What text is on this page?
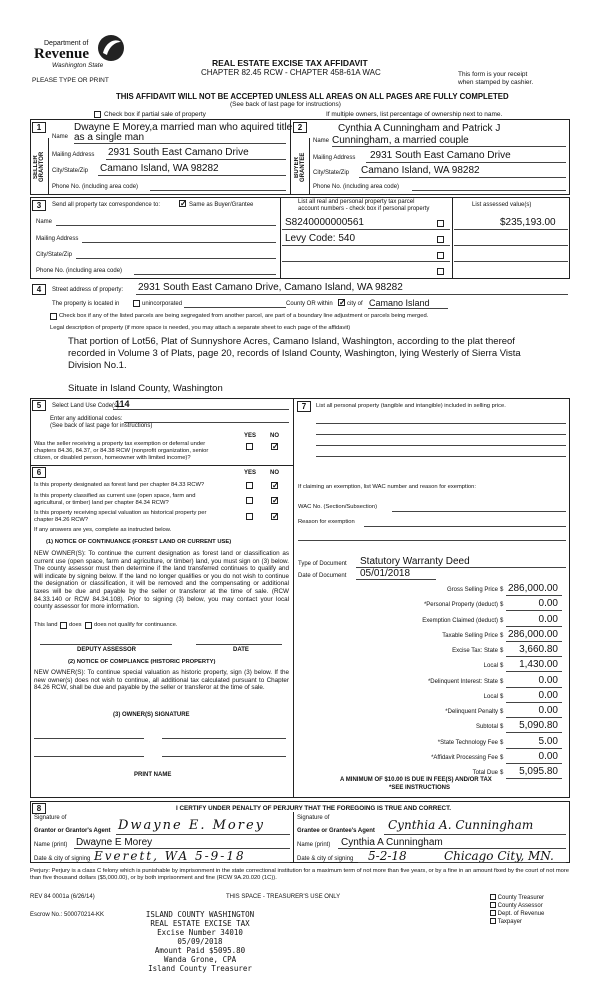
Department of
Revenue
Washington State
PLEASE TYPE OR PRINT
REAL ESTATE EXCISE TAX AFFIDAVIT
CHAPTER 82.45 RCW - CHAPTER 458-61A WAC	This form is your receipt
when stamped by cashier.
THIS AFFIDAVIT WILL NOT BE ACCEPTED UNLESS ALL AREAS ON ALL PAGES ARE FULLY COMPLETED
(See back of last page for instructions)
Check box if partial sale of property	If multiple owners, list percentage of ownership next to name.
1
SELLER GRANTOR
Name
Dwayne E Morey,a married man who aquired title
as a single man
Mailing Address 2931 South East Camano Drive
City/State/Zip Camano Island, WA 98282
Phone No. (including area code)
2
BUYER GRANTEE
Name
Cynthia A Cunningham and Patrick J
Cunningham, a married couple
Mailing Address 2931 South East Camano Drive
City/State/Zip Camano Island, WA 98282
Phone No. (including area code)
3	Send all property tax correspondence to: ✓ Same as Buyer/Grantee
Name
Mailing Address
City/State/Zip
Phone No. (including area code)
List all real and personal property tax parcel
account numbers - check box if personal property
List assessed value(s)
S8240000000561	$235,193.00
Levy Code: 540
4	Street address of property: 2931 South East Camano Drive, Camano Island, WA 98282
The property is located in	unincorporated	County OR within ✓ city of Camano Island
Check box if any of the listed parcels are being segregated from another parcel, are part of a boundary line adjustment or parcels being merged.
Legal description of property (if more space is needed, you may attach a separate sheet to each page of the affidavit)
That portion of Lot56, Plat of Sunnyshore Acres, Camano Island, Washington, according to the plat thereof
recorded in Volume 3 of Plats, page 20, records of Island County, Washington, lying Westerly of Sierra Vista
Division No.1.
Situate in Island County, Washington
5	Select Land Use Code(s):
114
Enter any additional codes:
(See back of last page for instructions)
YES NO
Was the seller receiving a property tax exemption or deferral under
chapters 84.36, 84.37, or 84.38 RCW (nonprofit organization, senior
citizen, or disabled person, homeowner with limited income)?
✓
6	YES NO
Is this property designated as forest land per chapter 84.33 RCW?	✓
Is this property classified as current use (open space, farm and
agricultural, or timber) land per chapter 84.34 RCW?	✓
Is this property receiving special valuation as historical property per
chapter 84.26 RCW?	✓
If any answers are yes, complete as instructed below.
(1) NOTICE OF CONTINUANCE (FOREST LAND OR CURRENT USE)
NEW OWNER(S): To continue the current designation as forest land or classification as current use (open space, farm and agriculture, or timber) land, you must sign on (3) below. The county assessor must then determine if the land transferred continues to qualify and will indicate by signing below. If the land no longer qualifies or you do not wish to continue the designation or classification, it will be removed and the compensating or additional taxes will be due and payable by the seller or transferor at the time of sale. (RCW 84.33.140 or RCW 84.34.108). Prior to signing (3) below, you may contact your local county assessor for more information.
This land does does not qualify for continuance.
DEPUTY ASSESSOR	DATE
(2) NOTICE OF COMPLIANCE (HISTORIC PROPERTY)
NEW OWNER(S): To continue special valuation as historic property, sign (3) below. If the new owner(s) does not wish to continue, all additional tax calculated pursuant to Chapter 84.26 RCW, shall be due and payable by the seller or transferor at the time of sale.
(3) OWNER(S) SIGNATURE
PRINT NAME
7	List all personal property (tangible and intangible) included in selling price.
If claiming an exemption, list WAC number and reason for exemption:
WAC No. (Section/Subsection)
Reason for exemption
Type of Document Statutory Warranty Deed
Date of Document 05/01/2018
Gross Selling Price $ 286,000.00
*Personal Property (deduct) $	0.00
Exemption Claimed (deduct) $	0.00
Taxable Selling Price $ 286,000.00
Excise Tax: State $ 3,660.80
Local $ 1,430.00
*Delinquent Interest: State $	0.00
Local $	0.00
*Delinquent Penalty $	0.00
Subtotal $ 5,090.80
*State Technology Fee $	5.00
*Affidavit Processing Fee $	0.00
Total Due $ 5,095.80
A MINIMUM OF $10.00 IS DUE IN FEE(S) AND/OR TAX
*SEE INSTRUCTIONS
8	I CERTIFY UNDER PENALTY OF PERJURY THAT THE FOREGOING IS TRUE AND CORRECT.
Signature of
Grantor or Grantor's Agent Dwayne E. Morey
Name (print) Dwayne E Morey
Date & city of signing Everett, WA 5-9-18
Signature of
Grantee or Grantee's Agent Cynthia A. Cunningham
Name (print) Cynthia A Cunningham
Date & city of signing 5-2-18	Chicago City, MN.
Perjury: Perjury is a class C felony which is punishable by imprisonment in the state correctional institution for a maximum term of not more than five years, or by a fine in an amount fixed by the court of not more than five thousand dollars ($5,000.00), or by both imprisonment and fine (RCW 9A.20.020 (1C)).
REV 84 0001a (6/26/14)	THIS SPACE - TREASURER'S USE ONLY
Escrow No.: 500070214-KK	ISLAND COUNTY WASHINGTON
REAL ESTATE EXCISE TAX
Excise Number 34010
05/09/2018
Amount Paid $5095.80
Wanda Grone, CPA
Island County Treasurer
County Treasurer
County Assessor
Dept. of Revenue
Taxpayer
